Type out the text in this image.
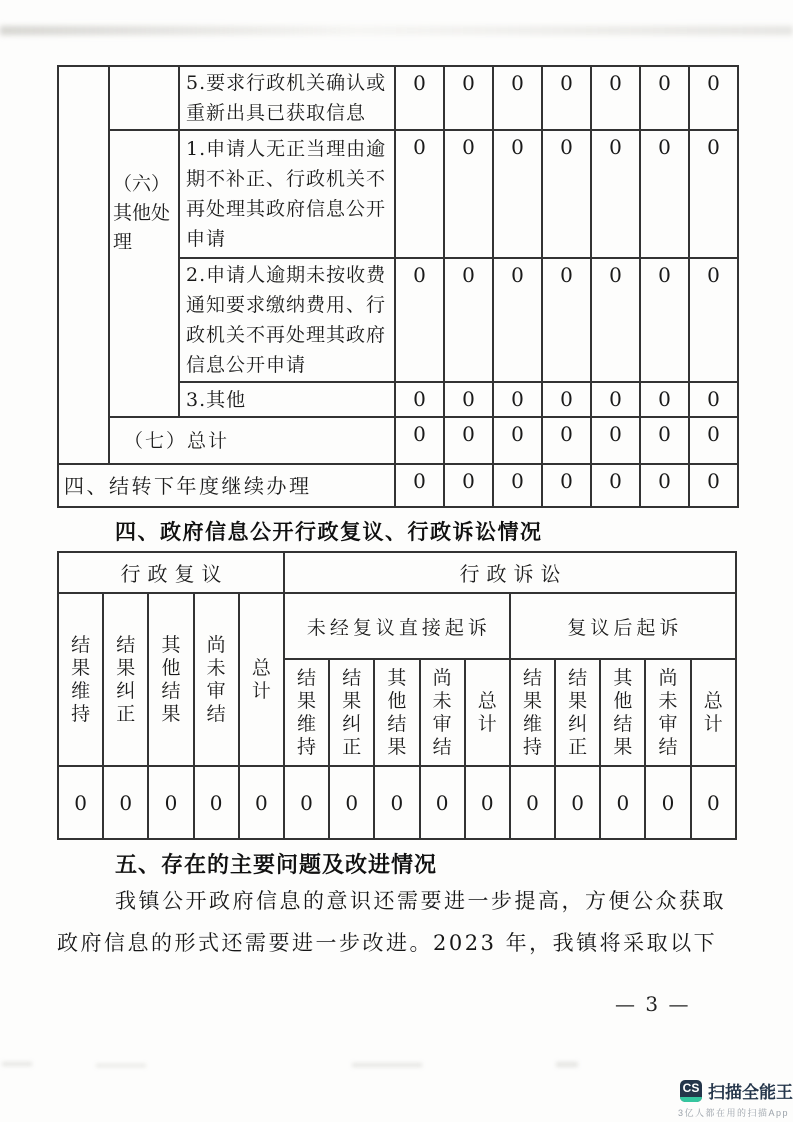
		5.要求行政机关确认或重新出具已获取信息	0	0	0	0	0	0	0
	（六）其他处理	1.申请人无正当理由逾期不补正、行政机关不再处理其政府信息公开申请	0	0	0	0	0	0	0
		2.申请人逾期未按收费通知要求缴纳费用、行政机关不再处理其政府信息公开申请	0	0	0	0	0	0	0
		3.其他	0	0	0	0	0	0	0
	（七）总计		0	0	0	0	0	0	0
四、结转下年度继续办理			0	0	0	0	0	0	0
四、政府信息公开行政复议、行政诉讼情况
行政复议					行政诉讼									
结果维持	结果纠正	其他结果	尚未审结	总计	未经复议直接起诉					复议后起诉				
					结果维持	结果纠正	其他结果	尚未审结	总计	结果维持	结果纠正	其他结果	尚未审结	总计
0	0	0	0	0	0	0	0	0	0	0	0	0	0	0
五、存在的主要问题及改进情况
我镇公开政府信息的意识还需要进一步提高，方便公众获取
政府信息的形式还需要进一步改进。2023 年，我镇将采取以下
— 3 —
CS 扫描全能王
3亿人都在用的扫描App
